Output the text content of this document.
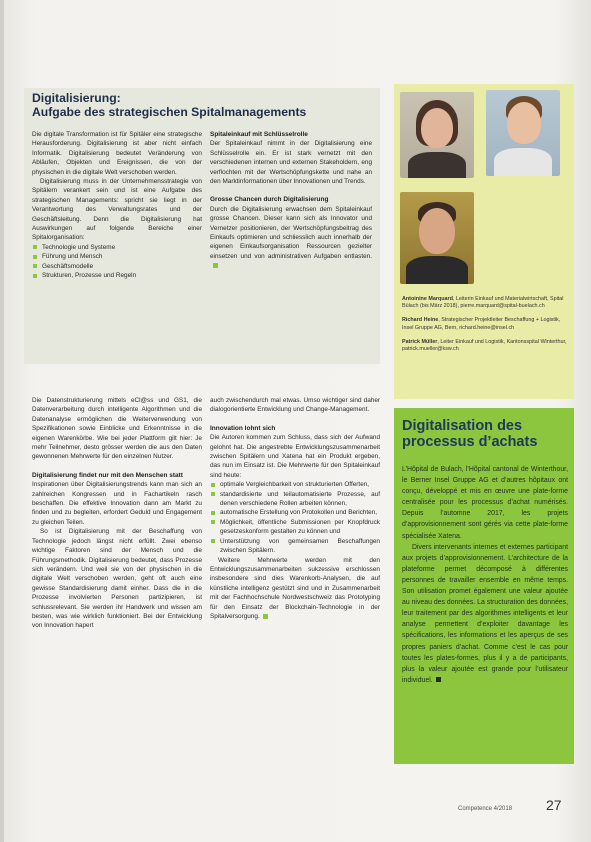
Digitalisierung:
Aufgabe des strategischen Spitalmanagements

Die digitale Transformation ist für Spitäler eine strategische Herausforderung. Digitalisierung ist aber nicht einfach Informatik. Digitalisierung bedeutet Veränderung von Abläufen, Objekten und Ereignissen, die von der physischen in die digitale Welt verschoben werden.

Digitalisierung muss in der Unternehmensstrategie von Spitälern verankert sein und ist eine Aufgabe des strategischen Managements: spricht sie liegt in der Verantwortung des Verwaltungsrates und der Geschäftsleitung. Denn die Digitalisierung hat Auswirkungen auf folgende Bereiche einer Spitalorganisation:

Technologie und Systeme
Führung und Mensch
Geschäftsmodelle
Strukturen, Prozesse und Regeln
Spitaleinkauf mit Schlüsselrolle

Der Spitaleinkauf nimmt in der Digitalisierung eine Schlüsselrolle ein. Er ist stark vernetzt mit den verschiedenen internen und externen Stakeholdern, eng verflochten mit der Wertschöpfungskette und nahe an den Marktinformationen über Innovationen und Trends.

Grosse Chancen durch Digitalisierung

Durch die Digitalisierung erwachsen dem Spitaleinkauf grosse Chancen. Dieser kann sich als Innovator und Vernetzer positionieren, der Wertschöpfungsbeitrag des Einkaufs optimieren und schliesslich auch innerhalb der eigenen Einkaufsorganisation Ressourcen gezielter einsetzen und von administrativen Aufgaben entlasten.

Die Datenstrukturierung mittels eCl@ss und GS1, die Datenverarbeitung durch intelligente Algorithmen und die Datenanalyse ermöglichen die Weiterverwendung von Spezifikationen sowie Einblicke und Erkenntnisse in die eigenen Warenkörbe. Wie bei jeder Plattform gilt hier: Je mehr Teilnehmer, desto grösser werden die aus den Daten gewonnenen Mehrwerte für den einzelnen Nutzer.

Digitalisierung findet nur mit den Menschen statt

Inspirationen über Digitalisierungstrends kann man sich an zahlreichen Kongressen und in Fachartikeln rasch beschaffen. Die effektive Innovation dann am Markt zu finden und zu begleiten, erfordert Geduld und Engagement zu gleichen Teilen.

So ist Digitalisierung mit der Beschaffung von Technologie jedoch längst nicht erfüllt. Zwei ebenso wichtige Faktoren sind der Mensch und die Führungsmethodik. Digitalisierung bedeutet, dass Prozesse sich verändern. Und weil sie von der physischen in die digitale Welt verschoben werden, geht oft auch eine gewisse Standardisierung damit einher. Dass die in die Prozesse involvierten Personen partizipieren, ist schlussrelevant. Sie werden ihr Handwerk und wissen am besten, was wie wirklich funktioniert. Bei der Entwicklung von Innovation hapert

auch zwischendurch mal etwas. Umso wichtiger sind daher dialogorientierte Entwicklung und Change-Management.

Innovation lohnt sich

Die Autoren kommen zum Schluss, dass sich der Aufwand gelohnt hat. Die angestrebte Entwicklungszusammenarbeit zwischen Spitälern und Xatena hat ein Produkt ergeben, das nun im Einsatz ist. Die Mehrwerte für den Spitaleinkauf sind heute:

optimale Vergleichbarkeit von strukturierten Offerten,
standardisierte und teilautomatisierte Prozesse, auf denen verschiedene Rollen arbeiten können,
automatische Erstellung von Protokollen und Berichten,
Möglichkeit, öffentliche Submissionen per Knopfdruck gesetzeskonform gestalten zu können und
Unterstützung von gemeinsamen Beschaffungen zwischen Spitälern.

Weitere Mehrwerte werden mit den Entwicklungszusammenarbeiten sukzessive erschlossen insbesondere sind dies Warenkorb-Analysen, die auf künstliche intelligenz gestützt sind und in Zusammenarbeit mit der Fachhochschule Nordwestschweiz das Prototyping für den Einsatz der Blockchain-Technologie in der Spitalversorgung.

Antoinine Marquard, Leiterin Einkauf und Materialwirtschaft, Spital Bülach (bis März 2018), pierre.marquard@spital-buelach.ch
Richard Heine, Strategischer Projektleiter Beschaffung + Logistik, Insel Gruppe AG, Bern, richard.heine@insel.ch
Patrick Müller, Leiter Einkauf und Logistik, Kantonsspital Winterthur, patrick.mueller@ksw.ch
Digitalisation des
processus d’achats

L’Hôpital de Bulach, l’Hôpital cantonal de Winterthour, le Berner Insel Gruppe AG et d’autres hôpitaux ont conçu, développé et mis en œuvre une plate-forme centralisée pour les processus d’achat numérisés. Depuis l’automne 2017, les projets d’approvisionnement sont gérés via cette plate-forme spécialisée Xatena.

Divers intervenants internes et externes participant aux projets d’approvisionnement. L’architecture de la plateforme permet décomposé à différentes personnes de travailler ensemble en même temps. Son utilisation promet également une valeur ajoutée au niveau des données. La structuration des données, leur traitement par des algorithmes intelligents et leur analyse permettent d’exploiter davantage les spécifications, les informations et les aperçus de ses propres paniers d’achat. Comme c’est le cas pour toutes les plates-formes, plus il y a de participants, plus la valeur ajoutée est grande pour l’utilisateur individuel.

Competence 4/2018 27
